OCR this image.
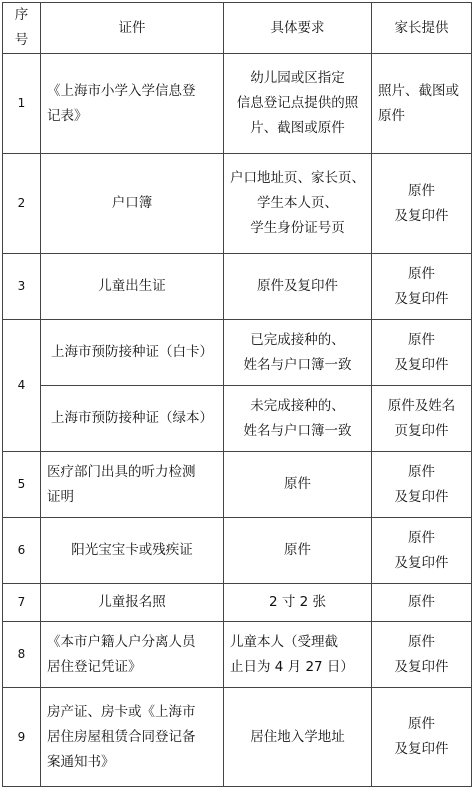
序号	证件	具体要求	家长提供
1	《上海市小学入学信息登
记表》	幼儿园或区指定
信息登记点提供的照
片、截图或原件	照片、截图或
原件
2	户口簿	户口地址页、家长页、
学生本人页、
学生身份证号页	原件
及复印件
3	儿童出生证	原件及复印件	原件
及复印件
4	上海市预防接种证（白卡）	已完成接种的、
姓名与户口簿一致	原件
及复印件
	上海市预防接种证（绿本）	未完成接种的、
姓名与户口簿一致	原件及姓名
页复印件
5	医疗部门出具的听力检测
证明	原件	原件
及复印件
6	阳光宝宝卡或残疾证	原件	原件
及复印件
7	儿童报名照	2 寸 2 张	原件
8	《本市户籍人户分离人员
居住登记凭证》	儿童本人（受理截
止日为 4 月 27 日）	原件
及复印件
9	房产证、房卡或《上海市
居住房屋租赁合同登记备
案通知书》	居住地入学地址	原件
及复印件
